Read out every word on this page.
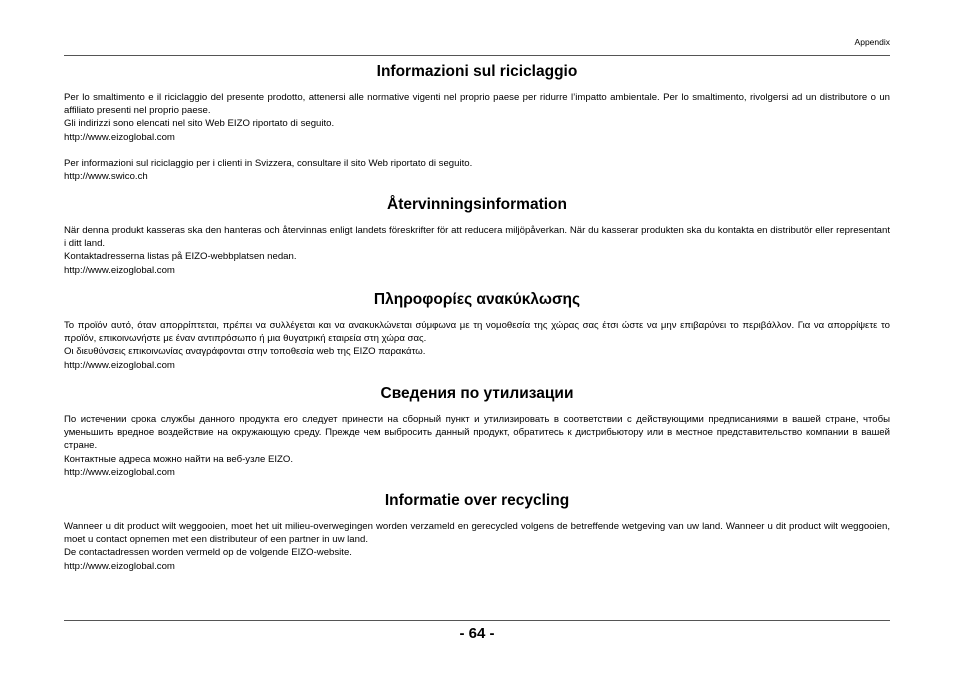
Appendix
Informazioni sul riciclaggio

Per lo smaltimento e il riciclaggio del presente prodotto, attenersi alle normative vigenti nel proprio paese per ridurre l’impatto ambientale. Per lo smaltimento, rivolgersi ad un distributore o un affiliato presenti nel proprio paese.

Gli indirizzi sono elencati nel sito Web EIZO riportato di seguito.

http://www.eizoglobal.com

Per informazioni sul riciclaggio per i clienti in Svizzera, consultare il sito Web riportato di seguito.

http://www.swico.ch

Återvinningsinformation

När denna produkt kasseras ska den hanteras och återvinnas enligt landets föreskrifter för att reducera miljöpåverkan. När du kasserar produkten ska du kontakta en distributör eller representant i ditt land.

Kontaktadresserna listas på EIZO-webbplatsen nedan.

http://www.eizoglobal.com

Πληροφορίες ανακύκλωσης

Το προϊόν αυτό, όταν απορρίπτεται, πρέπει να συλλέγεται και να ανακυκλώνεται σύμφωνα με τη νομοθεσία της χώρας σας έτσι ώστε να μην επιβαρύνει το περιβάλλον. Για να απορρίψετε το προϊόν, επικοινωνήστε με έναν αντιπρόσωπο ή μια θυγατρική εταιρεία στη χώρα σας.

Οι διευθύνσεις επικοινωνίας αναγράφονται στην τοποθεσία web της EIZO παρακάτω.

http://www.eizoglobal.com

Сведения по утилизации

По истечении срока службы данного продукта его следует принести на сборный пункт и утилизировать в соответствии с действующими предписаниями в вашей стране, чтобы уменьшить вредное воздействие на окружающую среду. Прежде чем выбросить данный продукт, обратитесь к дистрибьютору или в местное представительство компании в вашей стране.

Контактные адреса можно найти на веб-узле EIZO.

http://www.eizoglobal.com

Informatie over recycling

Wanneer u dit product wilt weggooien, moet het uit milieu-overwegingen worden verzameld en gerecycled volgens de betreffende wetgeving van uw land. Wanneer u dit product wilt weggooien, moet u contact opnemen met een distributeur of een partner in uw land.

De contactadressen worden vermeld op de volgende EIZO-website.

http://www.eizoglobal.com

- 64 -
